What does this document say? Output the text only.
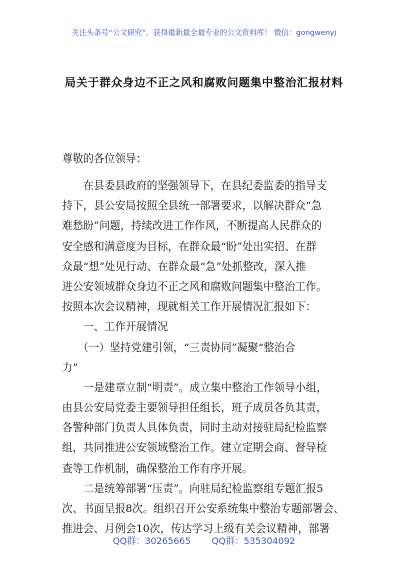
关注头条号“公文研究”，获得最新最全最专业的公文资料库！ 微信：gongwenyj
局关于群众身边不正之风和腐败问题集中整治汇报材料
尊敬的各位领导：
　　在县委县政府的坚强领导下，在县纪委监委的指导支
持下，县公安局按照全县统一部署要求，以解决群众“急
难愁盼”问题，持续改进工作作风，不断提高人民群众的
安全感和满意度为目标，在群众最“盼”处出实招、在群
众最“想”处见行动、在群众最“急”处抓整改，深入推
进公安领域群众身边不正之风和腐败问题集中整治工作。
按照本次会议精神，现就相关工作开展情况汇报如下：
　　一、工作开展情况
　　（一）坚持党建引领，“三责协同”凝聚“整治合
力”
　　一是建章立制“明责”。成立集中整治工作领导小组，
由县公安局党委主要领导担任组长，班子成员各负其责，
各警种部门负责人具体负责，同时主动对接驻局纪检监察
组，共同推进公安领域整治工作。建立定期会商、督导检
查等工作机制，确保整治工作有序开展。
　　二是统筹部署“压责”。向驻局纪检监察组专题汇报5
次、书面呈报8次。组织召开公安系统集中整治专题部署会、
推进会、月例会10次，传达学习上级有关会议精神，部署
QQ群：30265665 QQ群：535304092
